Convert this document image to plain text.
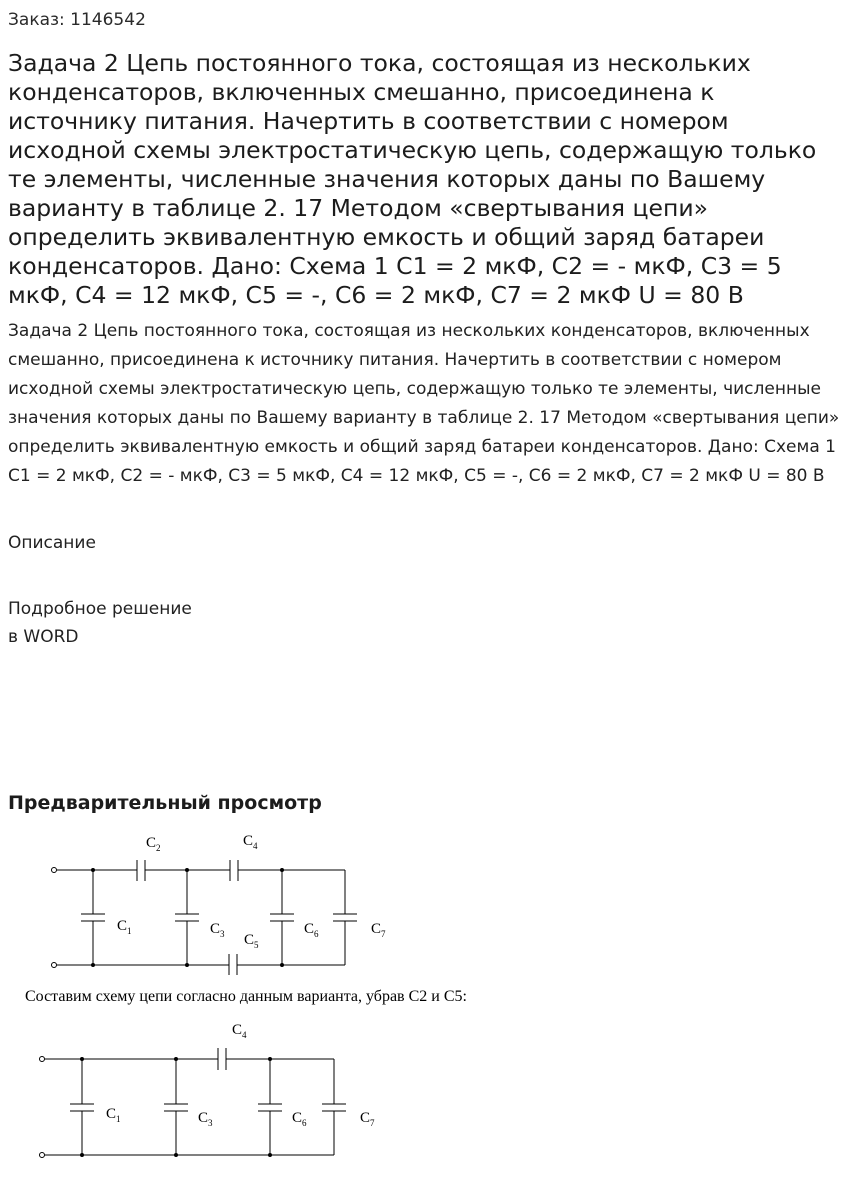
Заказ: 1146542
Задача 2 Цепь постоянного тока, состоящая из нескольких конденсаторов, включенных смешанно, присоединена к источнику питания. Начертить в соответствии с номером исходной схемы электростатическую цепь, содержащую только те элементы, численные значения которых даны по Вашему варианту в таблице 2. 17 Методом «свертывания цепи» определить эквивалентную емкость и общий заряд батареи конденсаторов. Дано: Схема 1 С1 = 2 мкФ, С2 = - мкФ, С3 = 5 мкФ, С4 = 12 мкФ, С5 = -, С6 = 2 мкФ, С7 = 2 мкФ U = 80 В

Задача 2 Цепь постоянного тока, состоящая из нескольких конденсаторов, включенных смешанно, присоединена к источнику питания. Начертить в соответствии с номером исходной схемы электростатическую цепь, содержащую только те элементы, численные значения которых даны по Вашему варианту в таблице 2. 17 Методом «свертывания цепи» определить эквивалентную емкость и общий заряд батареи конденсаторов. Дано: Схема 1 С1 = 2 мкФ, С2 = - мкФ, С3 = 5 мкФ, С4 = 12 мкФ, С5 = -, С6 = 2 мкФ, С7 = 2 мкФ U = 80 В

Описание
Подробное решение
в WORD
Предварительный просмотр
$C_2$	$C_4$
$C_1$	$C_3$ $C_5$
$C_6$	$C_7$
Составим схему цепи согласно данным варианта, убрав С2 и С5:
$C_4$
$C_1$	$C_3$	$C_6$	$C_7$
